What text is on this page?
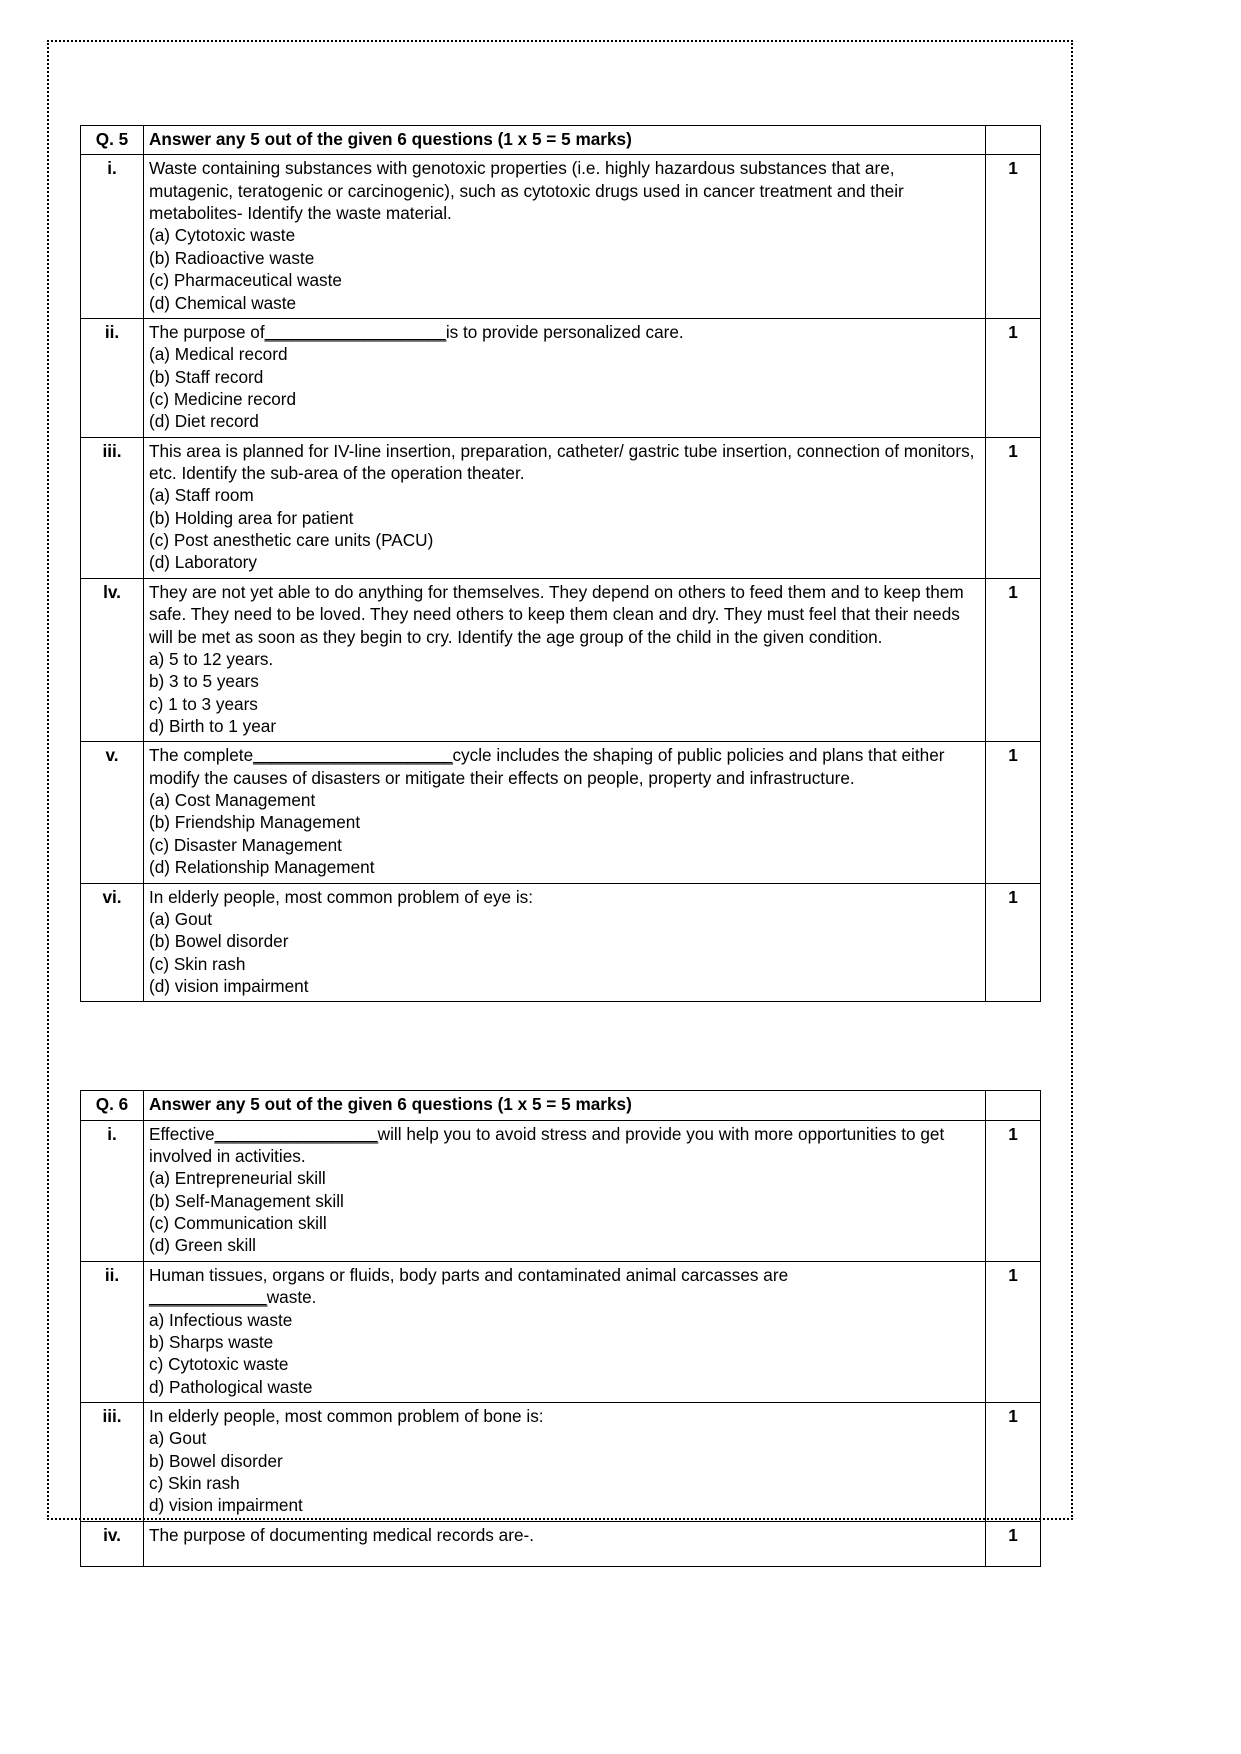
Q. 5	Answer any 5 out of the given 6 questions (1 x 5 = 5 marks)	
i.	Waste containing substances with genotoxic properties (i.e. highly hazardous substances that are, mutagenic, teratogenic or carcinogenic), such as cytotoxic drugs used in cancer treatment and their metabolites- Identify the waste material.
(a) Cytotoxic waste
(b) Radioactive waste
(c) Pharmaceutical waste
(d) Chemical waste	1
ii.	The purpose of____________________is to provide personalized care.
(a) Medical record
(b) Staff record
(c) Medicine record
(d) Diet record	1
iii.	This area is planned for IV-line insertion, preparation, catheter/ gastric tube insertion, connection of monitors, etc. Identify the sub-area of the operation theater.
(a) Staff room
(b) Holding area for patient
(c) Post anesthetic care units (PACU)
(d) Laboratory	1
lv.	They are not yet able to do anything for themselves. They depend on others to feed them and to keep them safe. They need to be loved. They need others to keep them clean and dry. They must feel that their needs will be met as soon as they begin to cry. Identify the age group of the child in the given condition.
a) 5 to 12 years.
b) 3 to 5 years
c) 1 to 3 years
d) Birth to 1 year	1
v.	The complete______________________cycle includes the shaping of public policies and plans that either modify the causes of disasters or mitigate their effects on people, property and infrastructure.
(a) Cost Management
(b) Friendship Management
(c) Disaster Management
(d) Relationship Management	1
vi.	In elderly people, most common problem of eye is:
(a) Gout
(b) Bowel disorder
(c) Skin rash
(d) vision impairment	1
Q. 6	Answer any 5 out of the given 6 questions (1 x 5 = 5 marks)	
i.	Effective__________________will help you to avoid stress and provide you with more opportunities to get involved in activities.
(a) Entrepreneurial skill
(b) Self-Management skill
(c) Communication skill
(d) Green skill	1
ii.	Human tissues, organs or fluids, body parts and contaminated animal carcasses are
_____________waste.
a) Infectious waste
b) Sharps waste
c) Cytotoxic waste
d) Pathological waste
	1
iii.	In elderly people, most common problem of bone is:
a) Gout
b) Bowel disorder
c) Skin rash
d) vision impairment	1
iv.	The purpose of documenting medical records are-.	1
